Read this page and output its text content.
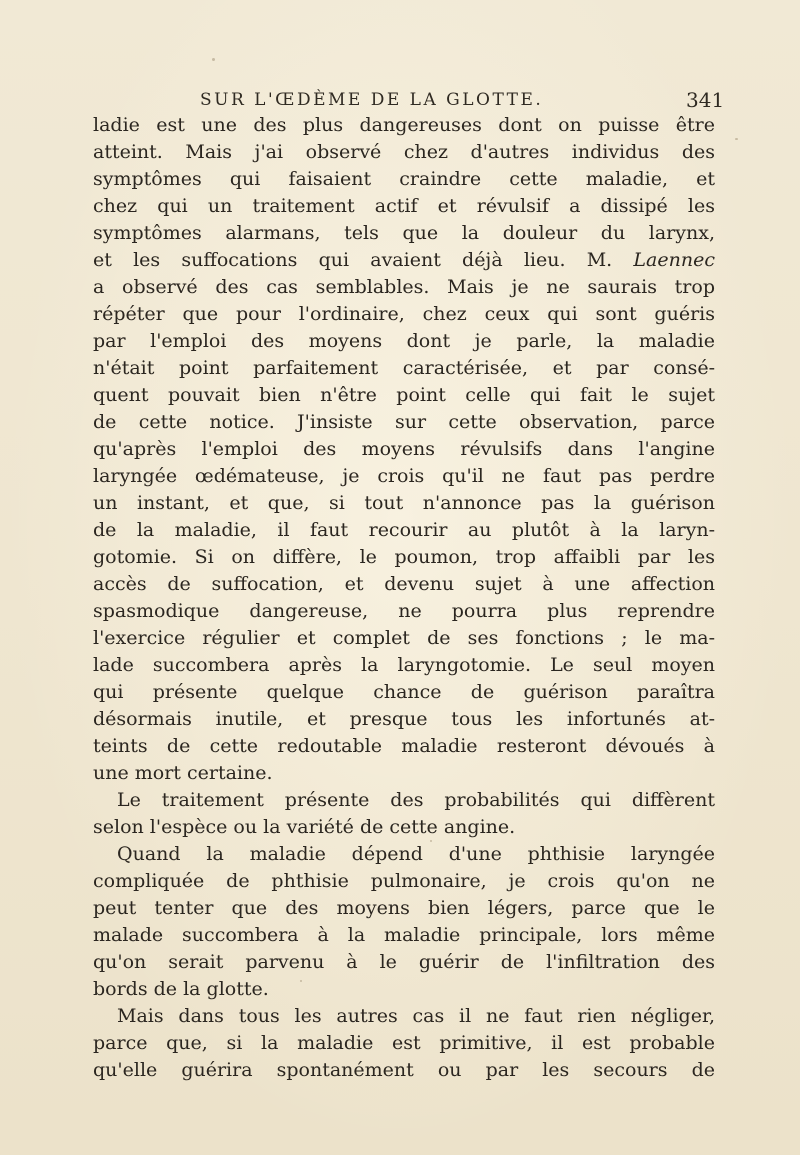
SUR L'ŒDÈME DE LA GLOTTE.	341
ladie est une des plus dangereuses dont on puisse être
atteint. Mais j'ai observé chez d'autres individus des
symptômes qui faisaient craindre cette maladie, et
chez qui un traitement actif et révulsif a dissipé les
symptômes alarmans, tels que la douleur du larynx,
et les suffocations qui avaient déjà lieu. M. Laennec
a observé des cas semblables. Mais je ne saurais trop
répéter que pour l'ordinaire, chez ceux qui sont guéris
par l'emploi des moyens dont je parle, la maladie
n'était point parfaitement caractérisée, et par consé-
quent pouvait bien n'être point celle qui fait le sujet
de cette notice. J'insiste sur cette observation, parce
qu'après l'emploi des moyens révulsifs dans l'angine
laryngée œdémateuse, je crois qu'il ne faut pas perdre
un instant, et que, si tout n'annonce pas la guérison
de la maladie, il faut recourir au plutôt à la laryn-
gotomie. Si on diffère, le poumon, trop affaibli par les
accès de suffocation, et devenu sujet à une affection
spasmodique dangereuse, ne pourra plus reprendre
l'exercice régulier et complet de ses fonctions ; le ma-
lade succombera après la laryngotomie. Le seul moyen
qui présente quelque chance de guérison paraîtra
désormais inutile, et presque tous les infortunés at-
teints de cette redoutable maladie resteront dévoués à
une mort certaine.
Le traitement présente des probabilités qui diffèrent
selon l'espèce ou la variété de cette angine.
Quand la maladie dépend d'une phthisie laryngée
compliquée de phthisie pulmonaire, je crois qu'on ne
peut tenter que des moyens bien légers, parce que le
malade succombera à la maladie principale, lors même
qu'on serait parvenu à le guérir de l'infiltration des
bords de la glotte.
Mais dans tous les autres cas il ne faut rien négliger,
parce que, si la maladie est primitive, il est probable
qu'elle guérira spontanément ou par les secours de
